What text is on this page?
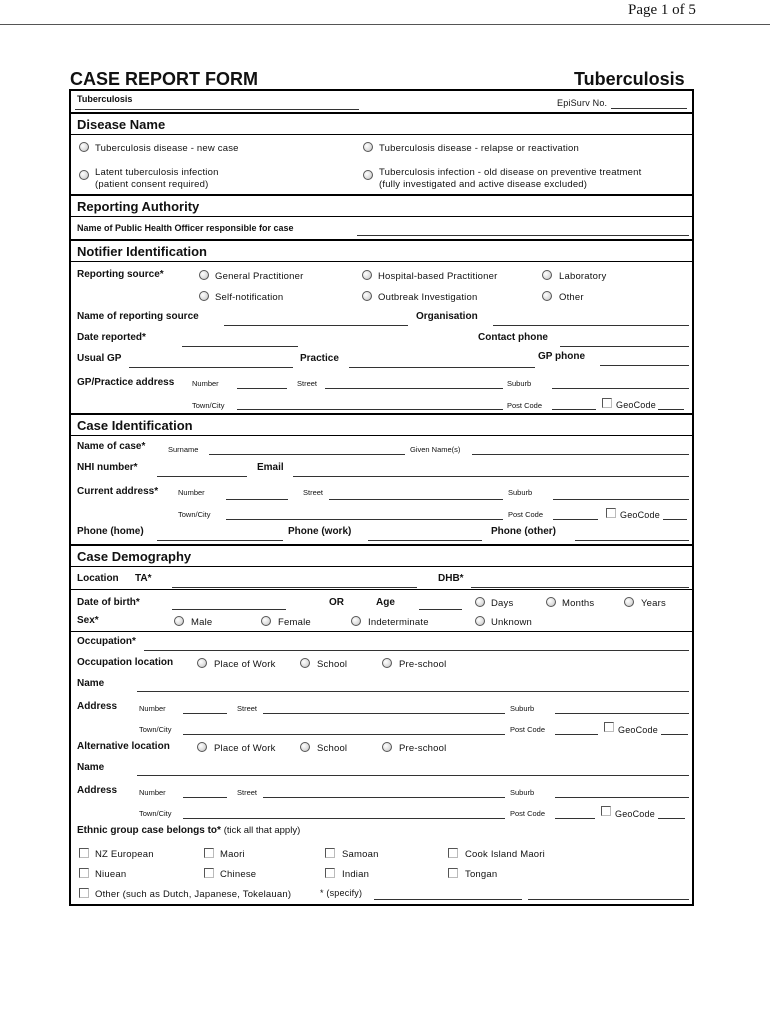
Page 1 of 5
CASE REPORT FORM	Tuberculosis
Tuberculosis	EpiSurv No.
Disease Name
Tuberculosis disease - new case	Tuberculosis disease - relapse or reactivation
Latent tuberculosis infection
(patient consent required)
Tuberculosis infection - old disease on preventive treatment
(fully investigated and active disease excluded)
Reporting Authority
Name of Public Health Officer responsible for case
Notifier Identification
Reporting source*	General Practitioner	Hospital-based Practitioner	Laboratory
Self-notification	Outbreak Investigation	Other
Name of reporting source	Organisation
Date reported*	Contact phone
Usual GP	Practice	GP phone
GP/Practice address Number	Street	Suburb
Town/City	Post Code	GeoCode
Case Identification
Name of case*	Surname	Given Name(s)
NHI number*	Email
Current address*	Number	Street	Suburb
Town/City	Post Code	GeoCode
Phone (home)	Phone (work)	Phone (other)
Case Demography
Location TA*	DHB*
Date of birth*	OR	Age	Days	Months	Years
Sex*	Male	Female	Indeterminate	Unknown
Occupation*
Occupation location	Place of Work	School	Pre-school
Name
Address	Number	Street	Suburb
Town/City	Post Code	GeoCode
Alternative location	Place of Work	School	Pre-school
Name
Address	Number	Street	Suburb
Town/City	Post Code	GeoCode
Ethnic group case belongs to* (tick all that apply)
NZ European	Maori	Samoan	Cook Island Maori
Niuean	Chinese	Indian	Tongan
Other (such as Dutch, Japanese, Tokelauan)	* (specify)
